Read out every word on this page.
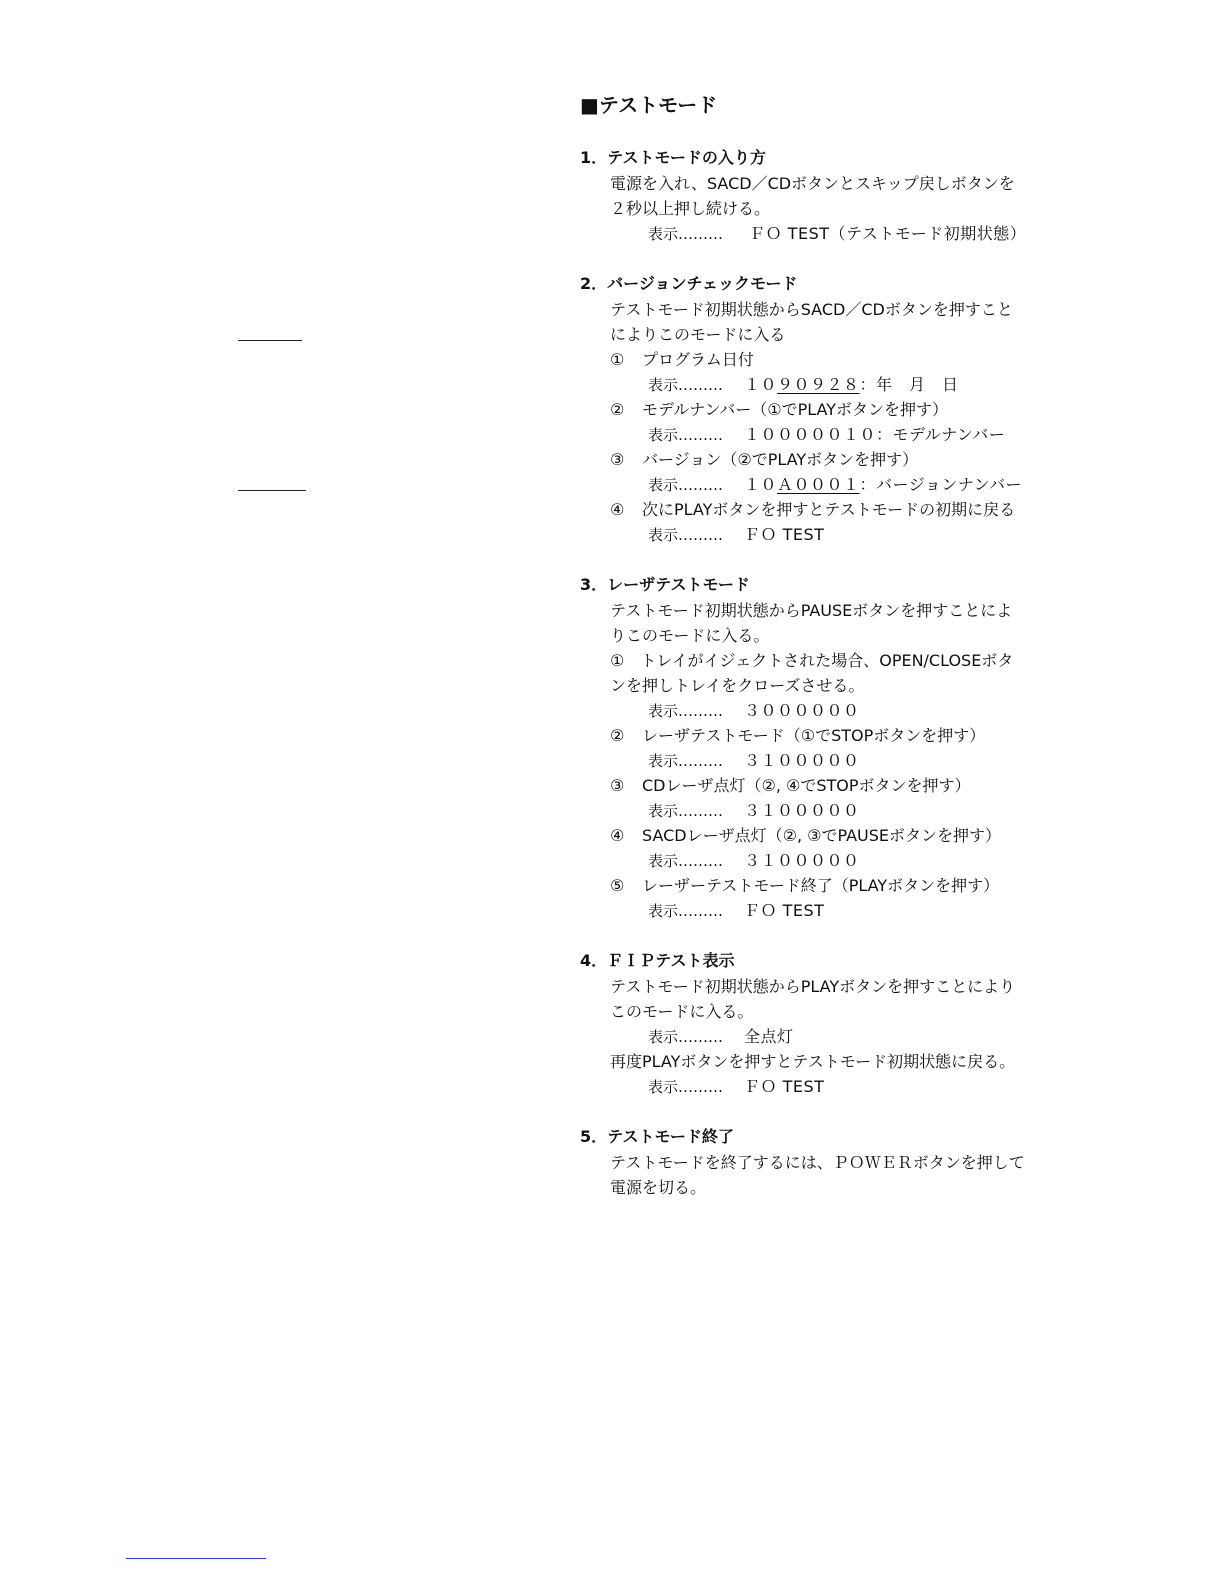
■テストモード
1．テストモードの入り方
電源を入れ、SACD／CDボタンとスキップ戻しボタンを
２秒以上押し続ける。
表示……… ＦＯ TEST（テストモード初期状態）
2．バージョンチェックモード
テストモード初期状態からSACD／CDボタンを押すこと
によりこのモードに入る
① プログラム日付
表示……… １０９０９２８：年　月　日
② モデルナンバー（①でPLAYボタンを押す）
表示……… １０００００１０：モデルナンバー
③ バージョン（②でPLAYボタンを押す）
表示……… １０Ａ０００１：バージョンナンバー
④ 次にPLAYボタンを押すとテストモードの初期に戻る
表示……… ＦＯ TEST
3．レーザテストモード
テストモード初期状態からPAUSEボタンを押すことによ
りこのモードに入る。
①　トレイがイジェクトされた場合、OPEN/CLOSEボタ
ンを押しトレイをクローズさせる。
表示……… ３００００００
② レーザテストモード（①でSTOPボタンを押す）
表示……… ３１０００００
③ CDレーザ点灯（②, ④でSTOPボタンを押す）
表示……… ３１０００００
④ SACDレーザ点灯（②, ③でPAUSEボタンを押す）
表示……… ３１０００００
⑤ レーザーテストモード終了（PLAYボタンを押す）
表示……… ＦＯ TEST
4．ＦＩＰテスト表示
テストモード初期状態からPLAYボタンを押すことにより
このモードに入る。
表示……… 全点灯
再度PLAYボタンを押すとテストモード初期状態に戻る。
表示……… ＦＯ TEST
5．テストモード終了
テストモードを終了するには、ＰＯＷＥＲボタンを押して
電源を切る。
